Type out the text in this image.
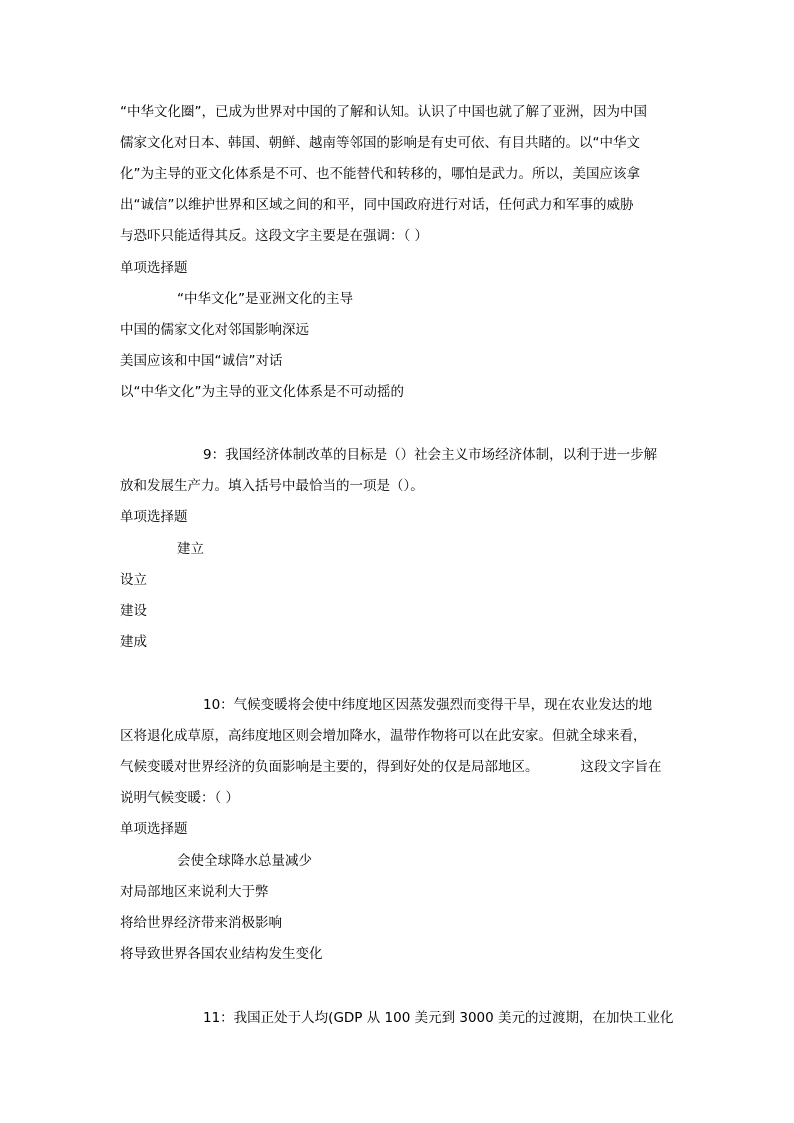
“中华文化圈”，已成为世界对中国的了解和认知。认识了中国也就了解了亚洲，因为中国
儒家文化对日本、韩国、朝鲜、越南等邻国的影响是有史可依、有目共睹的。以“中华文
化”为主导的亚文化体系是不可、也不能替代和转移的，哪怕是武力。所以，美国应该拿
出“诚信”以维护世界和区域之间的和平，同中国政府进行对话，任何武力和军事的威胁
与恐吓只能适得其反。这段文字主要是在强调：（ ）
单项选择题
“中华文化”是亚洲文化的主导
中国的儒家文化对邻国影响深远
美国应该和中国“诚信”对话
以“中华文化”为主导的亚文化体系是不可动摇的
9：我国经济体制改革的目标是（）社会主义市场经济体制，以利于进一步解
放和发展生产力。填入括号中最恰当的一项是（）。
单项选择题
建立
设立
建设
建成
10：气候变暖将会使中纬度地区因蒸发强烈而变得干旱，现在农业发达的地
区将退化成草原，高纬度地区则会增加降水，温带作物将可以在此安家。但就全球来看，
气候变暖对世界经济的负面影响是主要的，得到好处的仅是局部地区。	这段文字旨在
说明气候变暖：（ ）
单项选择题
会使全球降水总量减少
对局部地区来说利大于弊
将给世界经济带来消极影响
将导致世界各国农业结构发生变化
11：我国正处于人均(GDP 从 100 美元到 3000 美元的过渡期，在加快工业化
